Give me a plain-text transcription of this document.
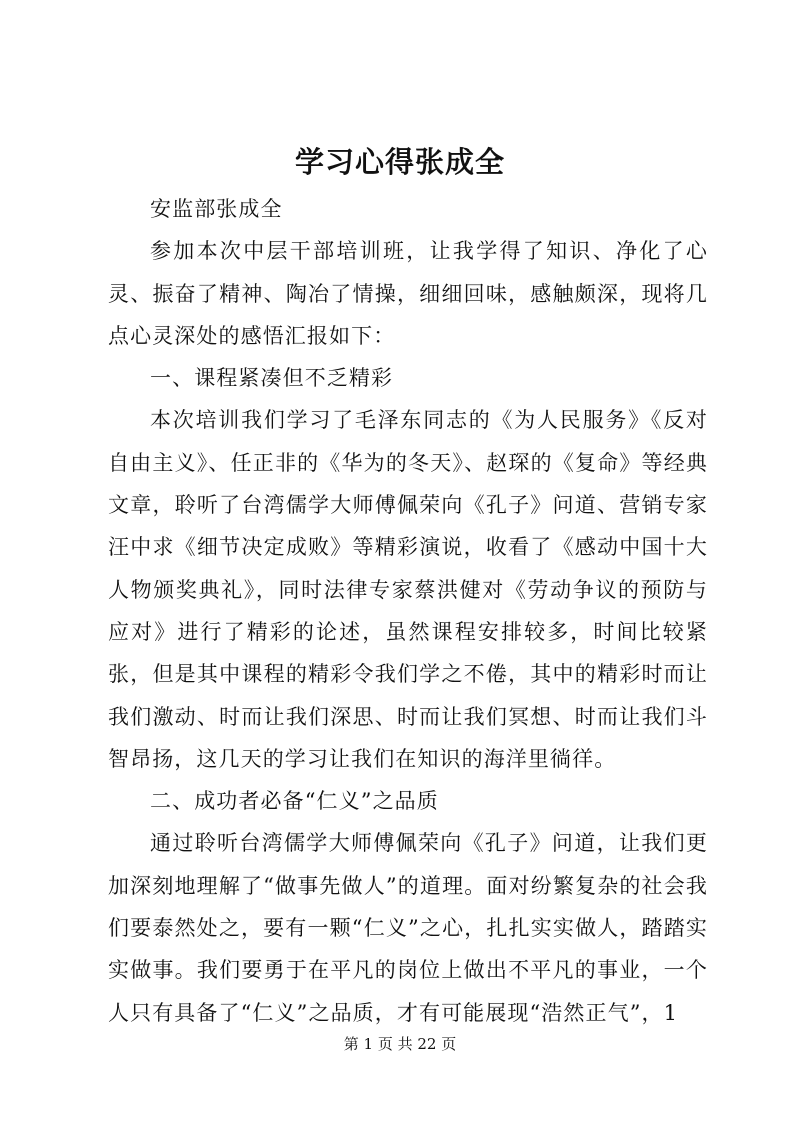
学习心得张成全

安监部张成全

参加本次中层干部培训班，让我学得了知识、净化了心灵、振奋了精神、陶冶了情操，细细回味，感触颇深，现将几点心灵深处的感悟汇报如下：

一、课程紧凑但不乏精彩

本次培训我们学习了毛泽东同志的《为人民服务》《反对自由主义》、任正非的《华为的冬天》、赵琛的《复命》等经典文章，聆听了台湾儒学大师傅佩荣向《孔子》问道、营销专家汪中求《细节决定成败》等精彩演说，收看了《感动中国十大人物颁奖典礼》，同时法律专家蔡洪健对《劳动争议的预防与应对》进行了精彩的论述，虽然课程安排较多，时间比较紧张，但是其中课程的精彩令我们学之不倦，其中的精彩时而让我们激动、时而让我们深思、时而让我们冥想、时而让我们斗智昂扬，这几天的学习让我们在知识的海洋里徜徉。

二、成功者必备“仁义”之品质

通过聆听台湾儒学大师傅佩荣向《孔子》问道，让我们更加深刻地理解了“做事先做人”的道理。面对纷繁复杂的社会我们要泰然处之，要有一颗“仁义”之心，扎扎实实做人，踏踏实实做事。我们要勇于在平凡的岗位上做出不平凡的事业，一个人只有具备了“仁义”之品质，才有可能展现“浩然正气”，1

第 1 页 共 22 页
